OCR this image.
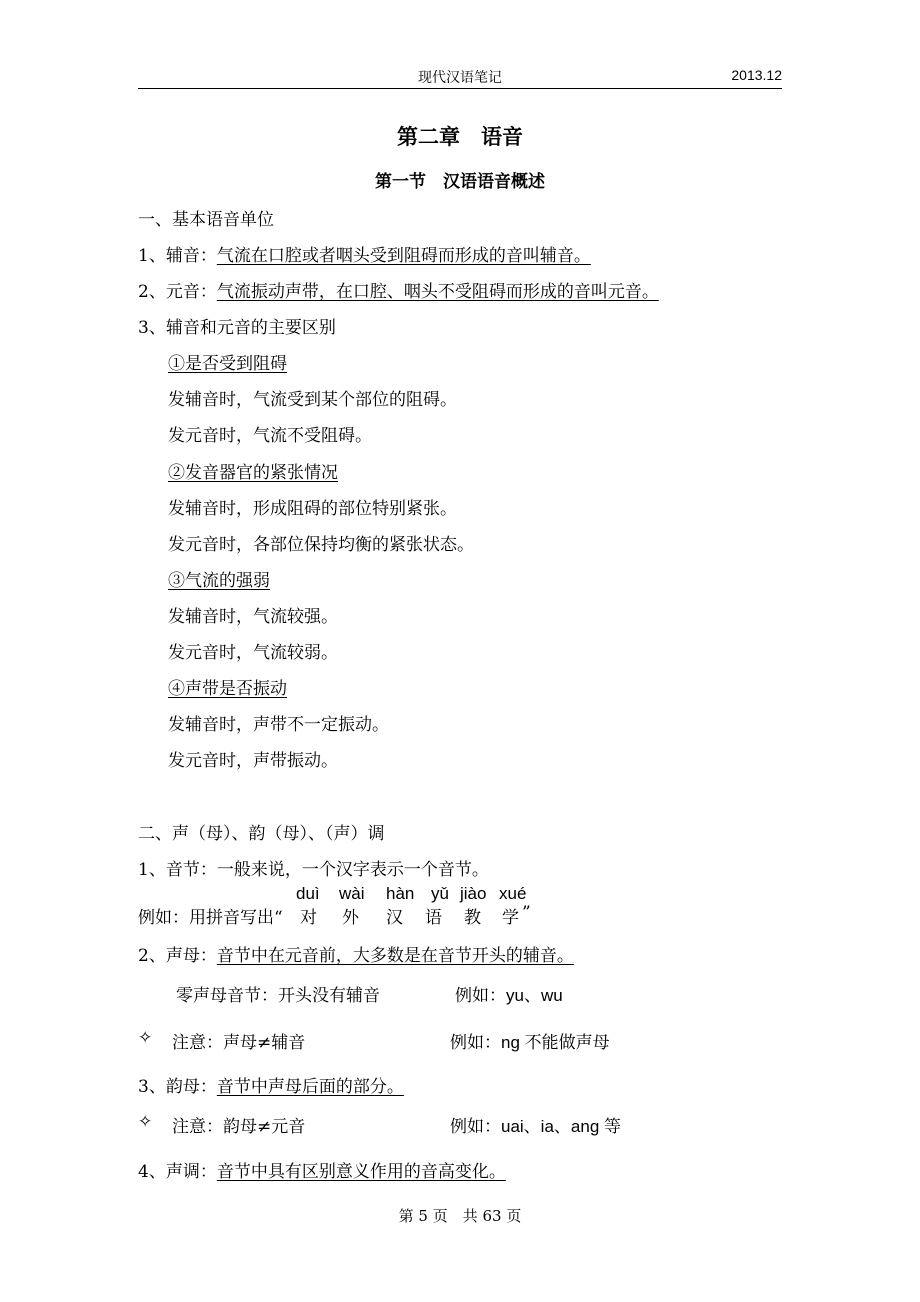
现代汉语笔记	2013.12
第二章　语音
第一节　汉语语音概述
一、基本语音单位
1、辅音：气流在口腔或者咽头受到阻碍而形成的音叫辅音。
2、元音：气流振动声带，在口腔、咽头不受阻碍而形成的音叫元音。
3、辅音和元音的主要区别
①是否受到阻碍
发辅音时，气流受到某个部位的阻碍。
发元音时，气流不受阻碍。
②发音器官的紧张情况
发辅音时，形成阻碍的部位特别紧张。
发元音时，各部位保持均衡的紧张状态。
③气流的强弱
发辅音时，气流较强。
发元音时，气流较弱。
④声带是否振动
发辅音时，声带不一定振动。
发元音时，声带振动。
二、声（母）、韵（母）、（声）调
1、音节：一般来说，一个汉字表示一个音节。
duì wài hàn yǔ jiào xué
例如：用拼音写出“ 对 外 汉 语 教 学 ”
2、声母：音节中在元音前，大多数是在音节开头的辅音。
零声母音节：开头没有辅音	例如：yu、wu
✧ 注意：声母≠辅音	例如：ng 不能做声母
3、韵母：音节中声母后面的部分。
✧ 注意：韵母≠元音	例如：uai、ia、ang 等
4、声调：音节中具有区别意义作用的音高变化。
第 5 页　共 63 页
